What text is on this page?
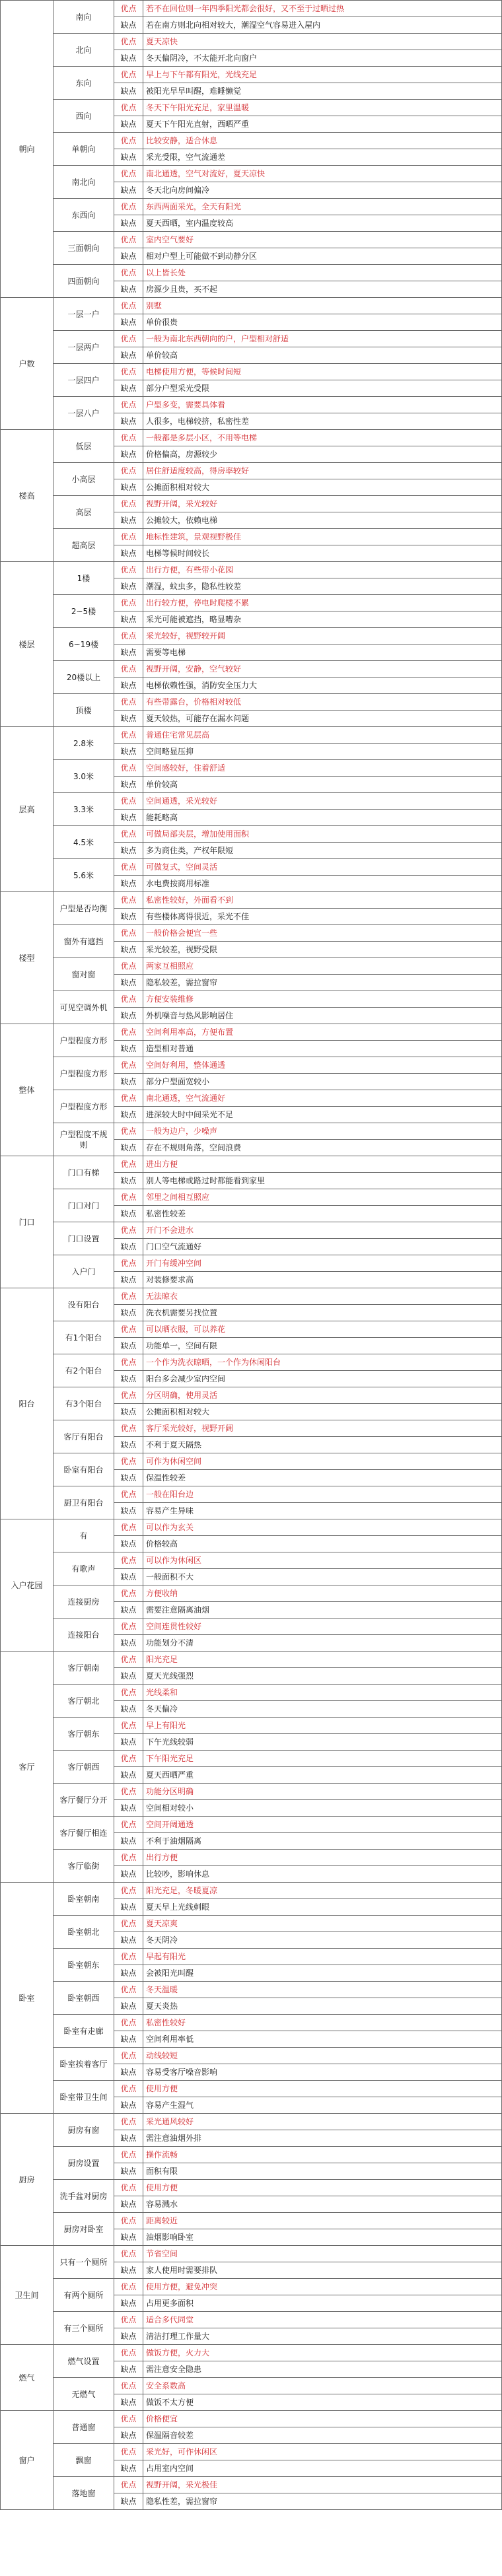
朝向	南向	优点	若不在回位则一年四季阳光都会很好，又不至于过晒过热
		缺点	若在南方则北向相对较大，潮湿空气容易进入屋内
	北向	优点	夏天凉快
		缺点	冬天偏阴冷，不太能开北向窗户
	东向	优点	早上与下午都有阳光，光线充足
		缺点	被阳光早早叫醒，难睡懒觉
	西向	优点	冬天下午阳光充足，家里温暖
		缺点	夏天下午阳光直射，西晒严重
	单朝向	优点	比较安静，适合休息
		缺点	采光受限，空气流通差
	南北向	优点	南北通透，空气对流好，夏天凉快
		缺点	冬天北向房间偏冷
	东西向	优点	东西两面采光，全天有阳光
		缺点	夏天西晒，室内温度较高
	三面朝向	优点	室内空气要好
		缺点	相对户型上可能做不到动静分区
	四面朝向	优点	以上皆长处
		缺点	房源少且贵，买不起
户数	一层一户	优点	别墅
		缺点	单价很贵
	一层两户	优点	一般为南北东西朝向的户，户型相对舒适
		缺点	单价较高
	一层四户	优点	电梯使用方便，等候时间短
		缺点	部分户型采光受限
	一层八户	优点	户型多变，需要具体看
		缺点	人很多，电梯较挤，私密性差
楼高	低层	优点	一般都是多层小区，不用等电梯
		缺点	价格偏高，房源较少
	小高层	优点	居住舒适度较高，得房率较好
		缺点	公摊面积相对较大
	高层	优点	视野开阔，采光较好
		缺点	公摊较大，依赖电梯
	超高层	优点	地标性建筑，景观视野极佳
		缺点	电梯等候时间较长
楼层	1楼	优点	出行方便，有些带小花园
		缺点	潮湿，蚊虫多，隐私性较差
	2~5楼	优点	出行较方便，停电时爬楼不累
		缺点	采光可能被遮挡，略显嘈杂
	6~19楼	优点	采光较好，视野较开阔
		缺点	需要等电梯
	20楼以上	优点	视野开阔，安静，空气较好
		缺点	电梯依赖性强，消防安全压力大
	顶楼	优点	有些带露台，价格相对较低
		缺点	夏天较热，可能存在漏水问题
层高	2.8米	优点	普通住宅常见层高
		缺点	空间略显压抑
	3.0米	优点	空间感较好，住着舒适
		缺点	单价较高
	3.3米	优点	空间通透，采光较好
		缺点	能耗略高
	4.5米	优点	可做局部夹层，增加使用面积
		缺点	多为商住类，产权年限短
	5.6米	优点	可做复式，空间灵活
		缺点	水电费按商用标准
楼型	户型是否均衡	优点	私密性较好，外面看不到
		缺点	有些楼体离得很近，采光不佳
	窗外有遮挡	优点	一般价格会便宜一些
		缺点	采光较差，视野受限
	窗对窗	优点	两家互相照应
		缺点	隐私较差，需拉窗帘
	可见空调外机	优点	方便安装维修
		缺点	外机噪音与热风影响居住
整体	户型程度方形	优点	空间利用率高，方便布置
		缺点	造型相对普通
	户型程度方形	优点	空间好利用，整体通透
		缺点	部分户型面宽较小
	户型程度方形	优点	南北通透，空气流通好
		缺点	进深较大时中间采光不足
	户型程度不规则	优点	一般为边户，少噪声
		缺点	存在不规则角落，空间浪费
门口	门口有梯	优点	进出方便
		缺点	别人等电梯或路过时都能看到家里
	门口对门	优点	邻里之间相互照应
		缺点	私密性较差
	门口设置	优点	开门不会进水
		缺点	门口空气流通好
	入户门	优点	开门有缓冲空间
		缺点	对装修要求高
阳台	没有阳台	优点	无法晾衣
		缺点	洗衣机需要另找位置
	有1个阳台	优点	可以晒衣服，可以养花
		缺点	功能单一，空间有限
	有2个阳台	优点	一个作为洗衣晾晒，一个作为休闲阳台
		缺点	阳台多会减少室内空间
	有3个阳台	优点	分区明确，使用灵活
		缺点	公摊面积相对较大
	客厅有阳台	优点	客厅采光较好，视野开阔
		缺点	不利于夏天隔热
	卧室有阳台	优点	可作为休闲空间
		缺点	保温性较差
	厨卫有阳台	优点	一般在阳台边
		缺点	容易产生异味
入户花园	有	优点	可以作为玄关
		缺点	价格较高
	有歌声	优点	可以作为休闲区
		缺点	一般面积不大
	连接厨房	优点	方便收纳
		缺点	需要注意隔离油烟
	连接阳台	优点	空间连贯性较好
		缺点	功能划分不清
客厅	客厅朝南	优点	阳光充足
		缺点	夏天光线强烈
	客厅朝北	优点	光线柔和
		缺点	冬天偏冷
	客厅朝东	优点	早上有阳光
		缺点	下午光线较弱
	客厅朝西	优点	下午阳光充足
		缺点	夏天西晒严重
	客厅餐厅分开	优点	功能分区明确
		缺点	空间相对较小
	客厅餐厅相连	优点	空间开阔通透
		缺点	不利于油烟隔离
	客厅临街	优点	出行方便
		缺点	比较吵，影响休息
卧室	卧室朝南	优点	阳光充足，冬暖夏凉
		缺点	夏天早上光线刺眼
	卧室朝北	优点	夏天凉爽
		缺点	冬天阴冷
	卧室朝东	优点	早起有阳光
		缺点	会被阳光叫醒
	卧室朝西	优点	冬天温暖
		缺点	夏天炎热
	卧室有走廊	优点	私密性较好
		缺点	空间利用率低
	卧室挨着客厅	优点	动线较短
		缺点	容易受客厅噪音影响
	卧室带卫生间	优点	使用方便
		缺点	容易产生湿气
厨房	厨房有窗	优点	采光通风较好
		缺点	需注意油烟外排
	厨房设置	优点	操作流畅
		缺点	面积有限
	洗手盆对厨房	优点	使用方便
		缺点	容易溅水
	厨房对卧室	优点	距离较近
		缺点	油烟影响卧室
卫生间	只有一个厕所	优点	节省空间
		缺点	家人使用时需要排队
	有两个厕所	优点	使用方便，避免冲突
		缺点	占用更多面积
	有三个厕所	优点	适合多代同堂
		缺点	清洁打理工作量大
燃气	燃气设置	优点	做饭方便，火力大
		缺点	需注意安全隐患
	无燃气	优点	安全系数高
		缺点	做饭不太方便
窗户	普通窗	优点	价格便宜
		缺点	保温隔音较差
	飘窗	优点	采光好，可作休闲区
		缺点	占用室内空间
	落地窗	优点	视野开阔，采光极佳
		缺点	隐私性差，需拉窗帘
